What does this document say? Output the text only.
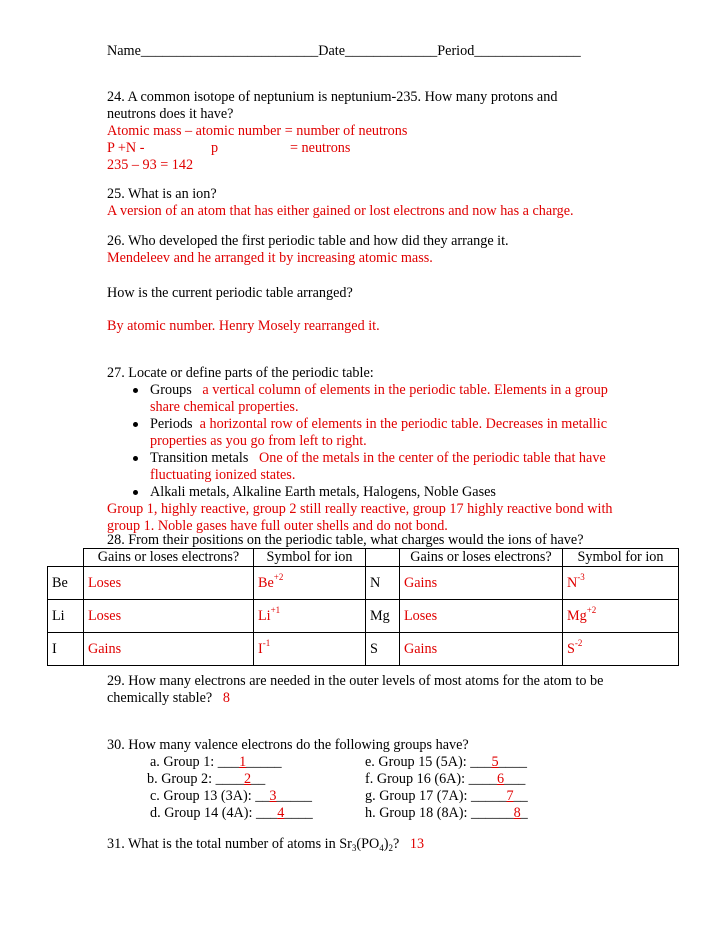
Name_________________________Date_____________Period_______________
24. A common isotope of neptunium is neptunium-235. How many protons and
neutrons does it have?
Atomic mass – atomic number = number of neutrons
P +N -	p	= neutrons
235 – 93 = 142
25. What is an ion?
A version of an atom that has either gained or lost electrons and now has a charge.
26. Who developed the first periodic table and how did they arrange it.
Mendeleev and he arranged it by increasing atomic mass.
How is the current periodic table arranged?
By atomic number. Henry Mosely rearranged it.
27. Locate or define parts of the periodic table:
Groups a vertical column of elements in the periodic table. Elements in a group
share chemical properties.
Periods a horizontal row of elements in the periodic table. Decreases in metallic
properties as you go from left to right.
Transition metals One of the metals in the center of the periodic table that have
fluctuating ionized states.
Alkali metals, Alkaline Earth metals, Halogens, Noble Gases
Group 1, highly reactive, group 2 still really reactive, group 17 highly reactive bond with
group 1. Noble gases have full outer shells and do not bond.
28. From their positions on the periodic table, what charges would the ions of have?
	Gains or loses electrons?	Symbol for ion		Gains or loses electrons?	Symbol for ion
Be	Loses	$Be^{+2}$	N	Gains	$N^{-3}$
Li	Loses	$Li^{+1}$	Mg	Loses	$Mg^{+2}$
I	Gains	$I^{-1}$	S	Gains	$S^{-2}$
29. How many electrons are needed in the outer levels of most atoms for the atom to be
chemically stable? 8
30. How many valence electrons do the following groups have?
a. Group 1: ___1_____
b. Group 2: ____2__
c. Group 13 (3A): __3_____
d. Group 14 (4A): ___4____
e. Group 15 (5A): ___5____
f. Group 16 (6A): ____6___
g. Group 17 (7A): _____7__
h. Group 18 (8A): ______8_
31. What is the total number of atoms in $Sr_3(PO_4)_2$? 13
